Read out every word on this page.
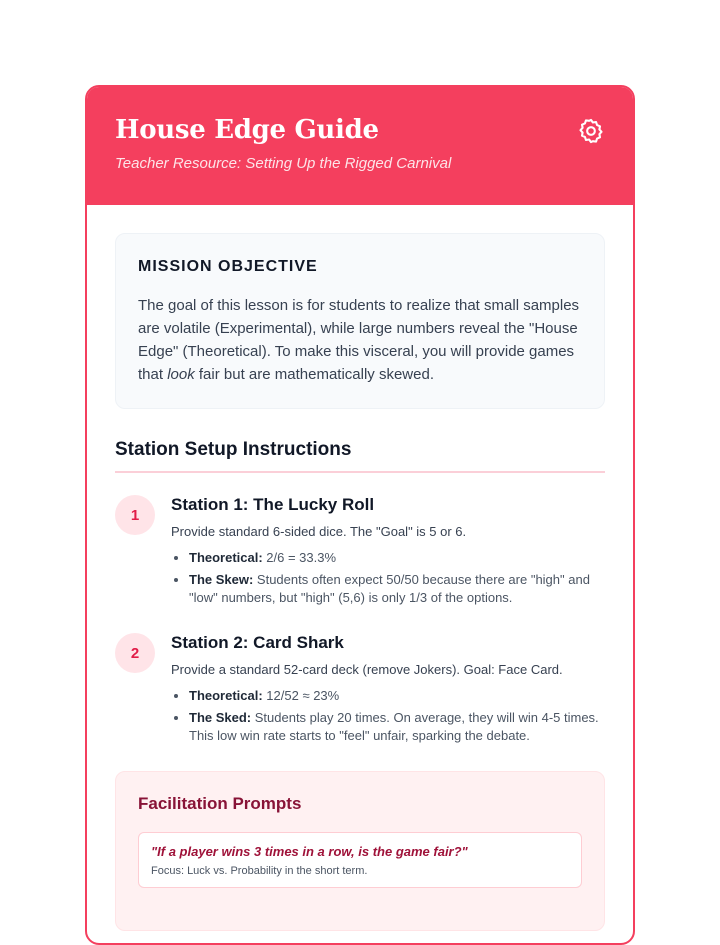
House Edge Guide
Teacher Resource: Setting Up the Rigged Carnival
MISSION OBJECTIVE

The goal of this lesson is for students to realize that small samples are volatile (Experimental), while large numbers reveal the "House Edge" (Theoretical). To make this visceral, you will provide games that look fair but are mathematically skewed.

Station Setup Instructions
1
Station 1: The Lucky Roll
Provide standard 6-sided dice. The "Goal" is 5 or 6.
• Theoretical: 2/6 = 33.3%
• The Skew: Students often expect 50/50 because there are "high" and "low" numbers, but "high" (5,6) is only 1/3 of the options.
2
Station 2: Card Shark
Provide a standard 52-card deck (remove Jokers). Goal: Face Card.
• Theoretical: 12/52 ≈ 23%
• The Sked: Students play 20 times. On average, they will win 4-5 times. This low win rate starts to "feel" unfair, sparking the debate.
Facilitation Prompts
"If a player wins 3 times in a row, is the game fair?"
Focus: Luck vs. Probability in the short term.
